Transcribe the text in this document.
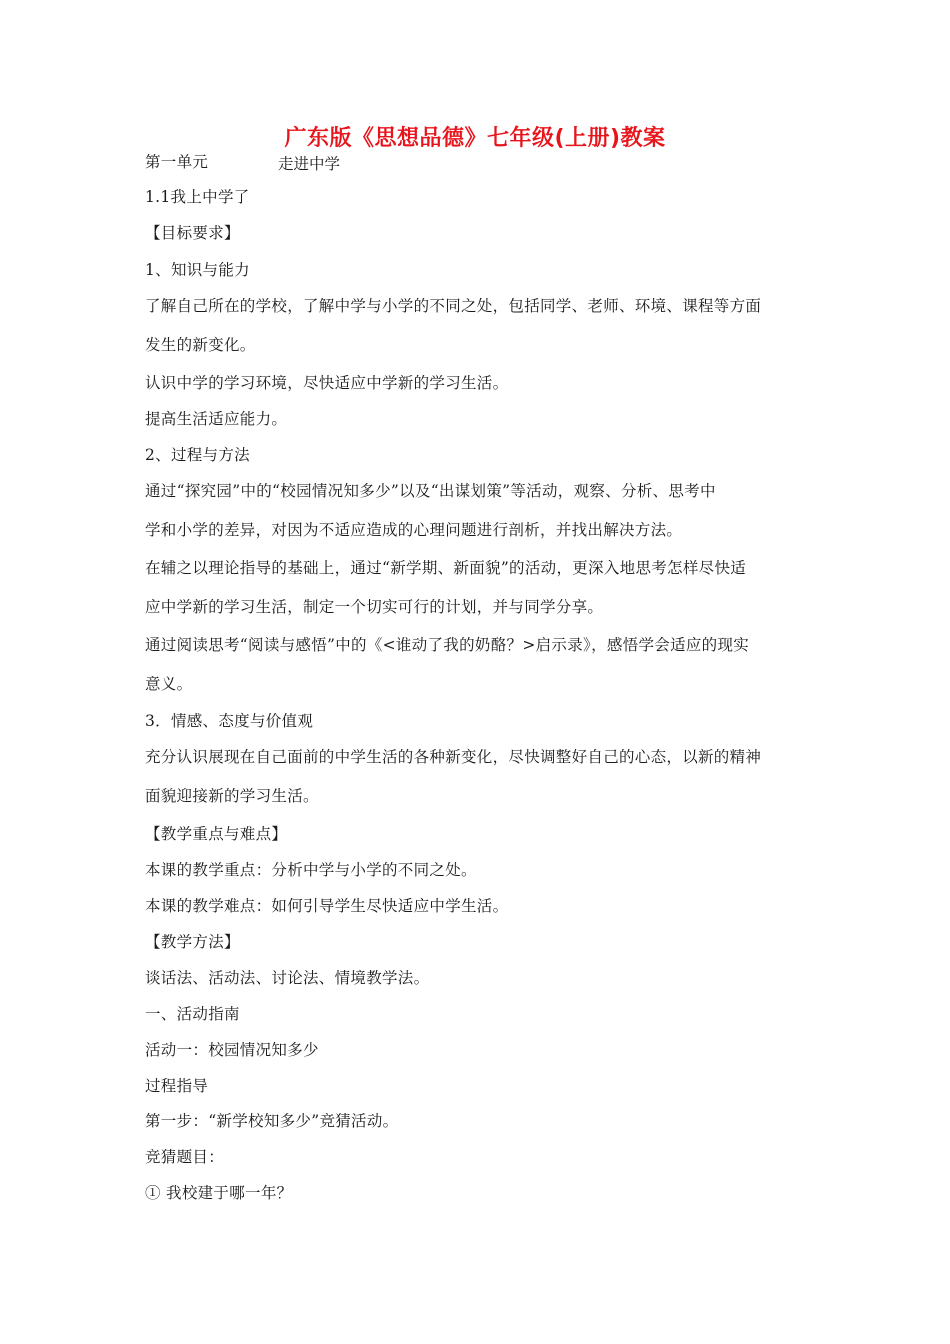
广东版《思想品德》七年级(上册)教案
第一单元	走进中学
1.1我上中学了
【目标要求】
1、知识与能力
了解自己所在的学校，了解中学与小学的不同之处，包括同学、老师、环境、课程等方面
发生的新变化。
认识中学的学习环境，尽快适应中学新的学习生活。
提高生活适应能力。
2、过程与方法
通过“探究园”中的“校园情况知多少”以及“出谋划策”等活动，观察、分析、思考中
学和小学的差异，对因为不适应造成的心理问题进行剖析，并找出解决方法。
在辅之以理论指导的基础上，通过“新学期、新面貌”的活动，更深入地思考怎样尽快适
应中学新的学习生活，制定一个切实可行的计划，并与同学分享。
通过阅读思考“阅读与感悟”中的《<谁动了我的奶酪？>启示录》，感悟学会适应的现实
意义。
3．情感、态度与价值观
充分认识展现在自己面前的中学生活的各种新变化，尽快调整好自己的心态，以新的精神
面貌迎接新的学习生活。
【教学重点与难点】
本课的教学重点：分析中学与小学的不同之处。
本课的教学难点：如何引导学生尽快适应中学生活。
【教学方法】
谈话法、活动法、讨论法、情境教学法。
一、活动指南
活动一：校园情况知多少
过程指导
第一步：“新学校知多少”竞猜活动。
竞猜题目：
① 我校建于哪一年？
